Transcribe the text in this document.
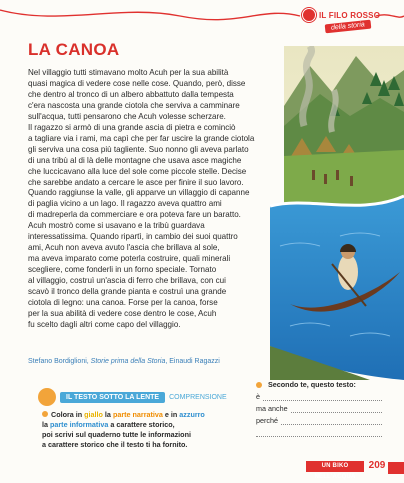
IL FILO ROSSO
della storia
LA CANOA
Nel villaggio tutti stimavano molto Acuh per la sua abilità
quasi magica di vedere cose nelle cose. Quando, però, disse
che dentro al tronco di un albero abbattuto dalla tempesta
c'era nascosta una grande ciotola che serviva a camminare
sull'acqua, tutti pensarono che Acuh volesse scherzare.
Il ragazzo si armò di una grande ascia di pietra e cominciò
a tagliare via i rami, ma capì che per far uscire la grande ciotola
gli serviva una cosa più tagliente. Suo nonno gli aveva parlato
di una tribù al di là delle montagne che usava asce magiche
che luccicavano alla luce del sole come piccole stelle. Decise
che sarebbe andato a cercare le asce per finire il suo lavoro.
Quando raggiunse la valle, gli apparve un villaggio di capanne
di paglia vicino a un lago. Il ragazzo aveva quattro ami
di madreperla da commerciare e ora poteva fare un baratto.
Acuh mostrò come si usavano e la tribù guardava
interessatissima. Quando ripartì, in cambio dei suoi quattro
ami, Acuh non aveva avuto l'ascia che brillava al sole,
ma aveva imparato come poterla costruire, quali minerali
scegliere, come fonderli in un forno speciale. Tornato
al villaggio, costruì un'ascia di ferro che brillava, con cui
scavò il tronco della grande pianta e costruì una grande
ciotola di legno: una canoa. Forse per la canoa, forse
per la sua abilità di vedere cose dentro le cose, Acuh
fu scelto dagli altri come capo del villaggio.
Stefano Bordiglioni, Storie prima della Storia, Einaudi Ragazzi
IL TESTO SOTTO LA LENTE	COMPRENSIONE
Colora in giallo la parte narrativa e in azzurro
la parte informativa a carattere storico,
poi scrivi sul quaderno tutte le informazioni
a carattere storico che il testo ti ha fornito.
Secondo te, questo testo:
è
ma anche
perché
UN BIKO NELL'ACQUA
209
